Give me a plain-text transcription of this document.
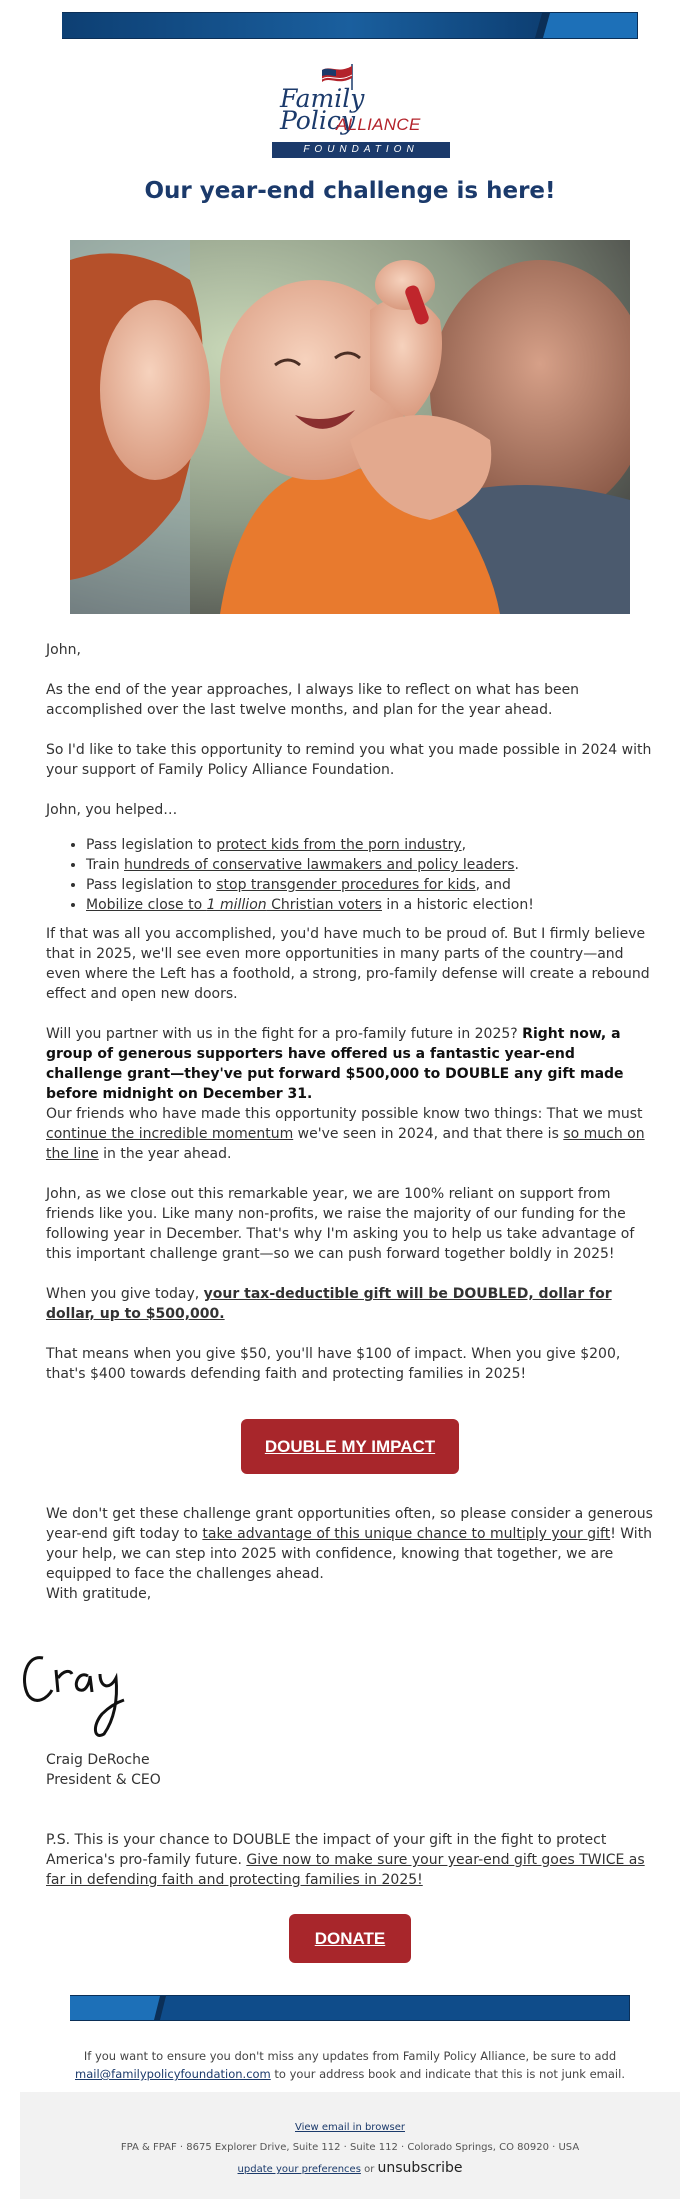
Family
Policy
ALLIANCE
FOUNDATION
Our year-end challenge is here!

John,

As the end of the year approaches, I always like to reflect on what has been accomplished over the last twelve months, and plan for the year ahead.

So I'd like to take this opportunity to remind you what you made possible in 2024 with your support of Family Policy Alliance Foundation.

John, you helped…

• Pass legislation to protect kids from the porn industry,
• Train hundreds of conservative lawmakers and policy leaders.
• Pass legislation to stop transgender procedures for kids, and
• Mobilize close to 1 million Christian voters in a historic election!

If that was all you accomplished, you'd have much to be proud of. But I firmly believe that in 2025, we'll see even more opportunities in many parts of the country—and even where the Left has a foothold, a strong, pro-family defense will create a rebound effect and open new doors.

Will you partner with us in the fight for a pro-family future in 2025? Right now, a group of generous supporters have offered us a fantastic year-end challenge grant—they've put forward $500,000 to DOUBLE any gift made before midnight on December 31.

Our friends who have made this opportunity possible know two things: That we must continue the incredible momentum we've seen in 2024, and that there is so much on the line in the year ahead.

John, as we close out this remarkable year, we are 100% reliant on support from friends like you. Like many non-profits, we raise the majority of our funding for the following year in December. That's why I'm asking you to help us take advantage of this important challenge grant—so we can push forward together boldly in 2025!

When you give today, your tax-deductible gift will be DOUBLED, dollar for dollar, up to $500,000.

That means when you give $50, you'll have $100 of impact. When you give $200, that's $400 towards defending faith and protecting families in 2025!

DOUBLE MY IMPACT

We don't get these challenge grant opportunities often, so please consider a generous year-end gift today to take advantage of this unique chance to multiply your gift! With your help, we can step into 2025 with confidence, knowing that together, we are equipped to face the challenges ahead.

With gratitude,

Craig DeRoche

President & CEO

P.S. This is your chance to DOUBLE the impact of your gift in the fight to protect America's pro-family future. Give now to make sure your year-end gift goes TWICE as far in defending faith and protecting families in 2025!

DONATE
If you want to ensure you don't miss any updates from Family Policy Alliance, be sure to add
mail@familypolicyfoundation.com to your address book and indicate that this is not junk email.
View email in browser
FPA & FPAF · 8675 Explorer Drive, Suite 112 · Suite 112 · Colorado Springs, CO 80920 · USA
update your preferences or unsubscribe
